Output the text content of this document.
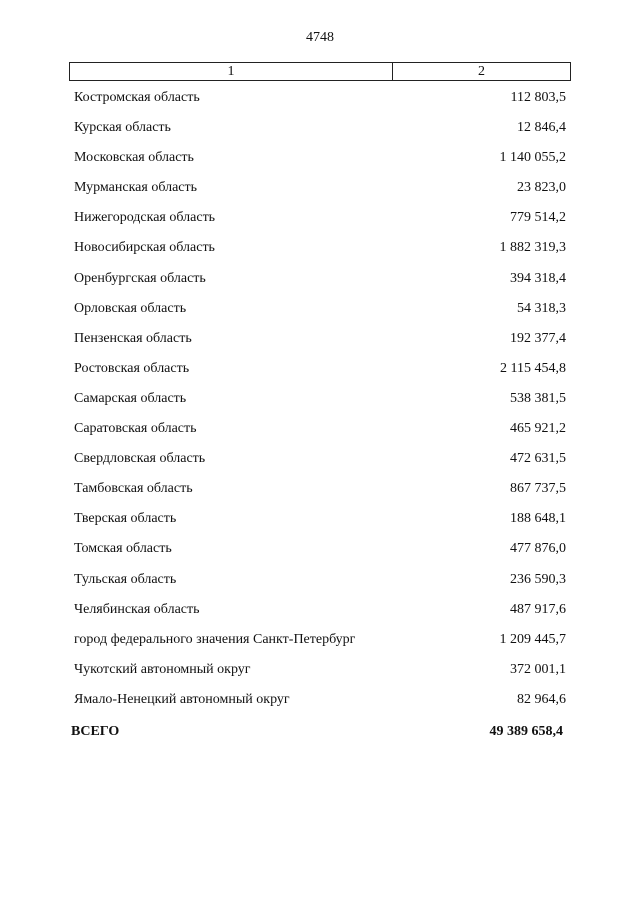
4748
1	2
Костромская область	112 803,5
Курская область	12 846,4
Московская область	1 140 055,2
Мурманская область	23 823,0
Нижегородская область	779 514,2
Новосибирская область	1 882 319,3
Оренбургская область	394 318,4
Орловская область	54 318,3
Пензенская область	192 377,4
Ростовская область	2 115 454,8
Самарская область	538 381,5
Саратовская область	465 921,2
Свердловская область	472 631,5
Тамбовская область	867 737,5
Тверская область	188 648,1
Томская область	477 876,0
Тульская область	236 590,3
Челябинская область	487 917,6
город федерального значения Санкт-Петербург	1 209 445,7
Чукотский автономный округ	372 001,1
Ямало-Ненецкий автономный округ	82 964,6
ВСЕГО	49 389 658,4
